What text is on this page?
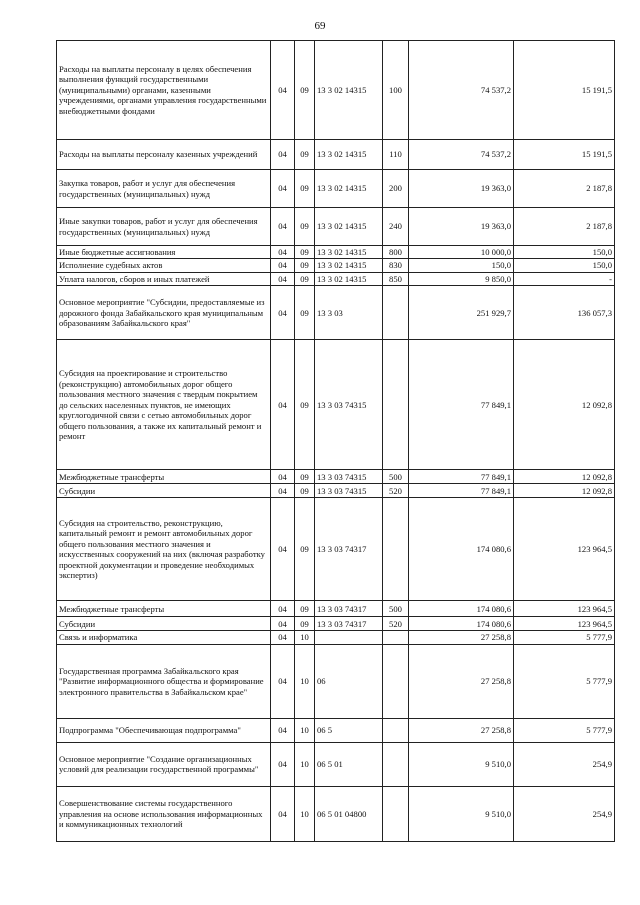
69
Расходы на выплаты персоналу в целях обеспечения выполнения функций государственными (муниципальными) органами, казенными учреждениями, органами управления государственными внебюджетными фондами	04	09	13 3 02 14315	100	74 537,2	15 191,5
Расходы на выплаты персоналу казенных учреждений	04	09	13 3 02 14315	110	74 537,2	15 191,5
Закупка товаров, работ и услуг для обеспечения государственных (муниципальных) нужд	04	09	13 3 02 14315	200	19 363,0	2 187,8
Иные закупки товаров, работ и услуг для обеспечения государственных (муниципальных) нужд	04	09	13 3 02 14315	240	19 363,0	2 187,8
Иные бюджетные ассигнования	04	09	13 3 02 14315	800	10 000,0	150,0
Исполнение судебных актов	04	09	13 3 02 14315	830	150,0	150,0
Уплата налогов, сборов и иных платежей	04	09	13 3 02 14315	850	9 850,0	-
Основное мероприятие "Субсидии, предоставляемые из дорожного фонда Забайкальского края муниципальным образованиям Забайкальского края"	04	09	13 3 03		251 929,7	136 057,3
Субсидия на проектирование и строительство (реконструкцию) автомобильных дорог общего пользования местного значения с твердым покрытием до сельских населенных пунктов, не имеющих круглогодичной связи с сетью автомобильных дорог общего пользования, а также их капитальный ремонт и ремонт	04	09	13 3 03 74315		77 849,1	12 092,8
Межбюджетные трансферты	04	09	13 3 03 74315	500	77 849,1	12 092,8
Субсидии	04	09	13 3 03 74315	520	77 849,1	12 092,8
Субсидия на строительство, реконструкцию, капитальный ремонт и ремонт автомобильных дорог общего пользования местного значения и искусственных сооружений на них (включая разработку проектной документации и проведение необходимых экспертиз)	04	09	13 3 03 74317		174 080,6	123 964,5
Межбюджетные трансферты	04	09	13 3 03 74317	500	174 080,6	123 964,5
Субсидии	04	09	13 3 03 74317	520	174 080,6	123 964,5
Связь и информатика	04	10			27 258,8	5 777,9
Государственная программа Забайкальского края "Развитие информационного общества и формирование электронного правительства в Забайкальском крае"	04	10	06		27 258,8	5 777,9
Подпрограмма "Обеспечивающая подпрограмма"	04	10	06 5		27 258,8	5 777,9
Основное мероприятие "Создание организационных условий для реализации государственной программы"	04	10	06 5 01		9 510,0	254,9
Совершенствование системы государственного управления на основе использования информационных и коммуникационных технологий	04	10	06 5 01 04800		9 510,0	254,9
